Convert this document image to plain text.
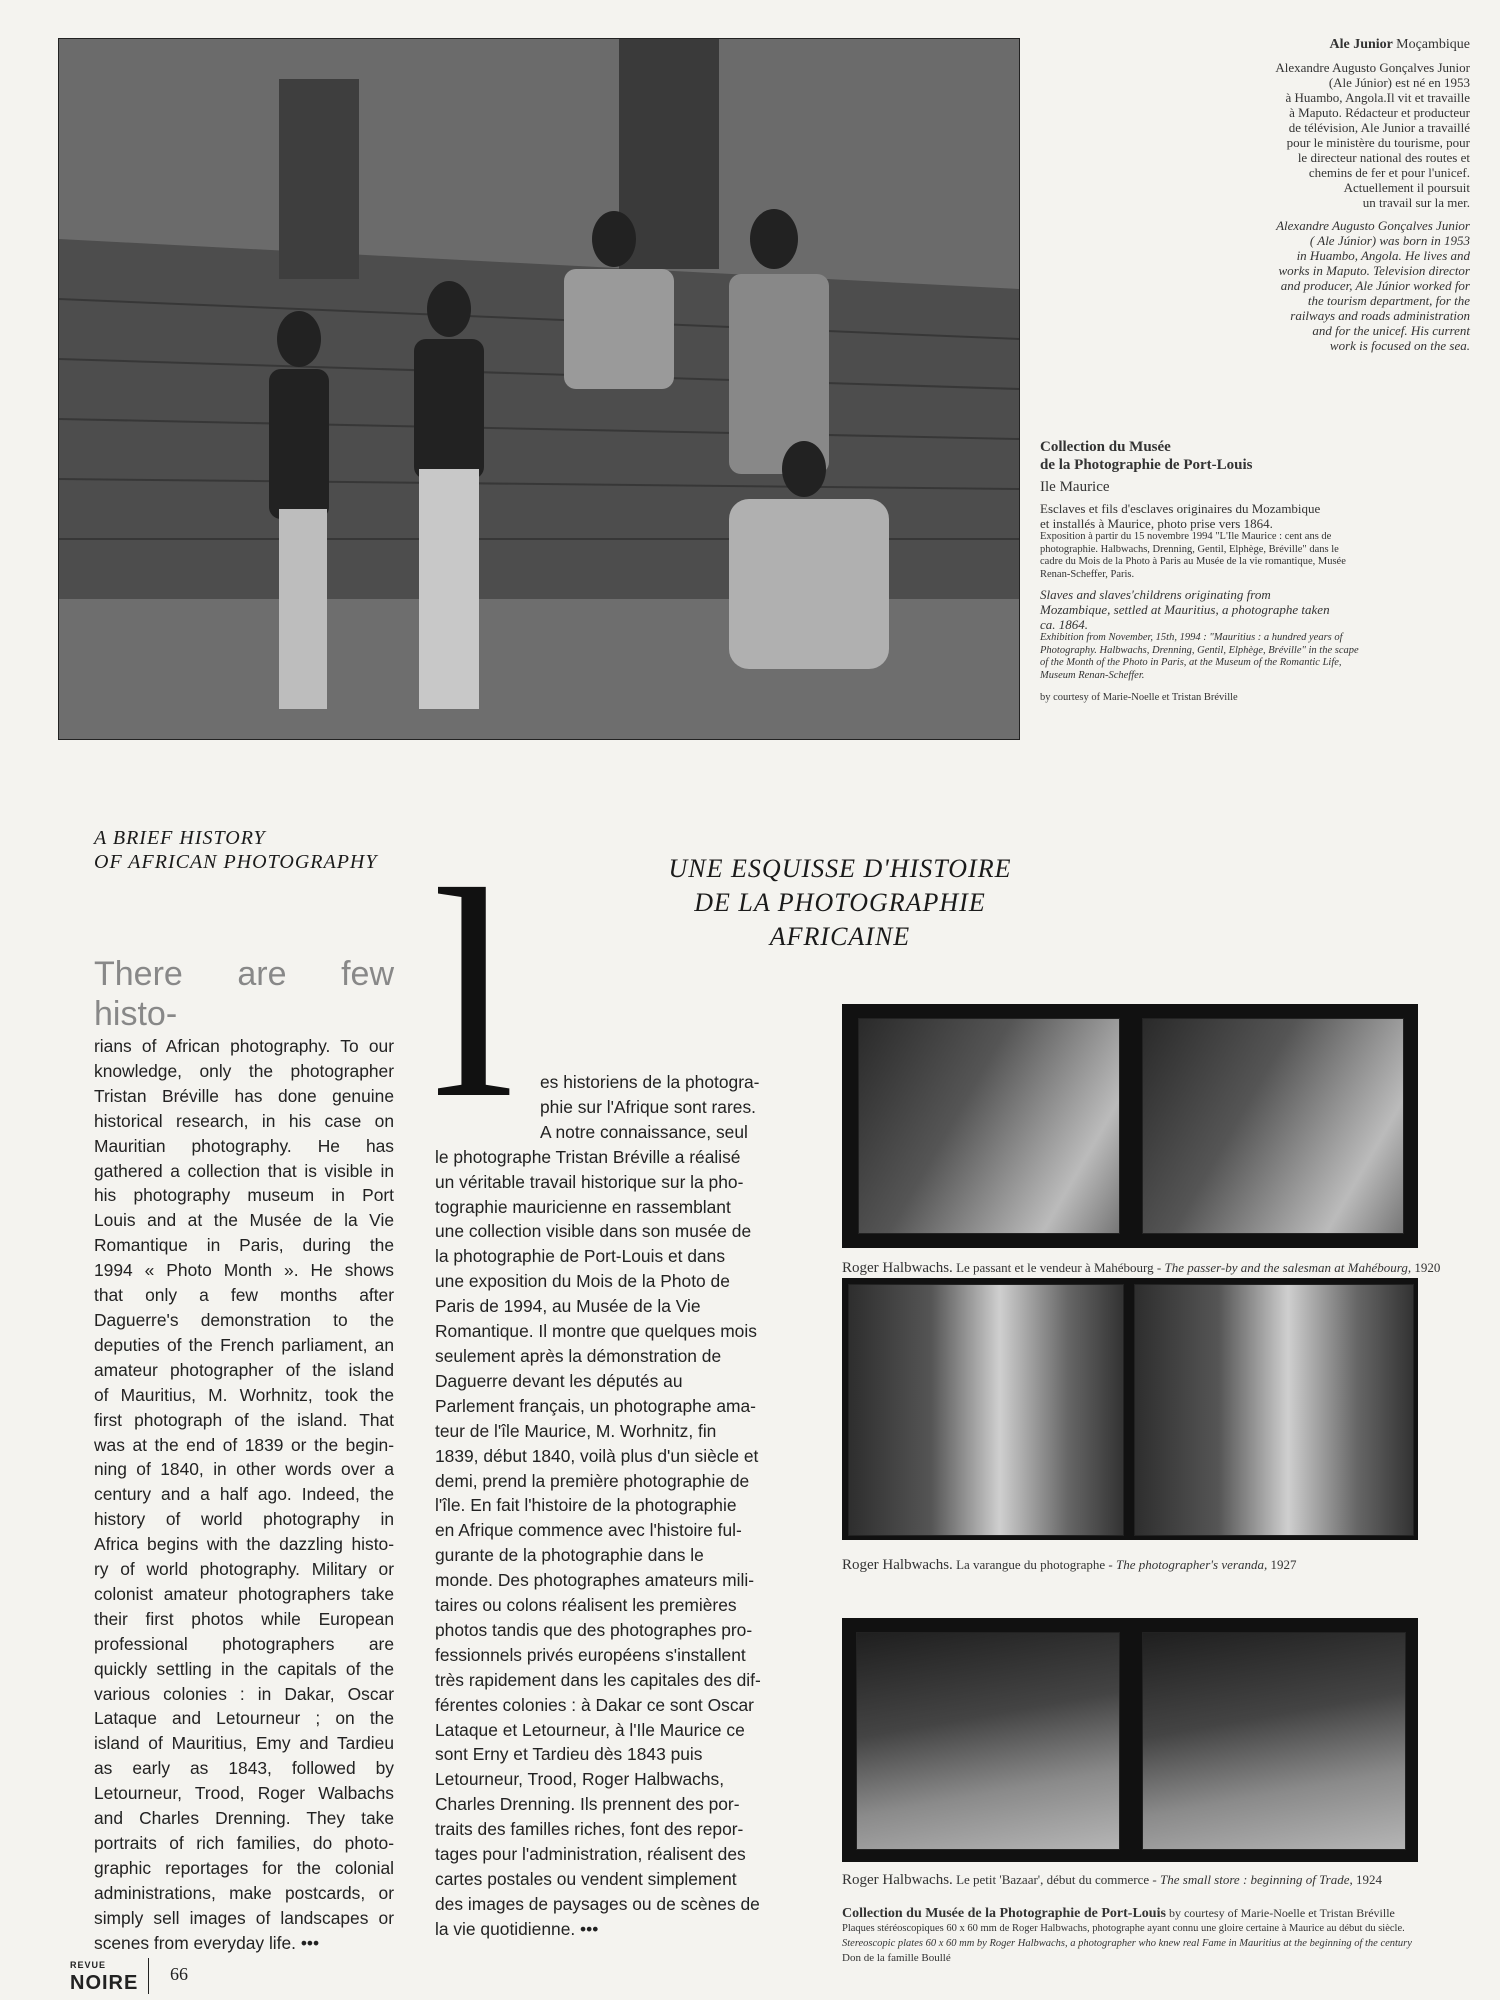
Ale Junior Moçambique
Alexandre Augusto Gonçalves Junior
(Ale Júnior) est né en 1953
à Huambo, Angola.Il vit et travaille
à Maputo. Rédacteur et producteur
de télévision, Ale Junior a travaillé
pour le ministère du tourisme, pour
le directeur national des routes et
chemins de fer et pour l'unicef.
Actuellement il poursuit
un travail sur la mer.
Alexandre Augusto Gonçalves Junior
( Ale Júnior) was born in 1953
in Huambo, Angola. He lives and
works in Maputo. Television director
and producer, Ale Júnior worked for
the tourism department, for the
railways and roads administration
and for the unicef. His current
work is focused on the sea.
Collection du Musée
de la Photographie de Port-Louis
Ile Maurice
Esclaves et fils d'esclaves originaires du Mozambique et installés à Maurice, photo prise vers 1864.
Exposition à partir du 15 novembre 1994 "L'Ile Maurice : cent ans de photographie. Halbwachs, Drenning, Gentil, Elphège, Bréville" dans le cadre du Mois de la Photo à Paris au Musée de la vie romantique, Musée Renan-Scheffer, Paris.
Slaves and slaves'childrens originating from Mozambique, settled at Mauritius, a photographe taken ca. 1864.
Exhibition from November, 15th, 1994 : "Mauritius : a hundred years of Photography. Halbwachs, Drenning, Gentil, Elphège, Bréville" in the scape of the Month of the Photo in Paris, at the Museum of the Romantic Life, Museum Renan-Scheffer.
by courtesy of Marie-Noelle et Tristan Bréville
A BRIEF HISTORY
OF AFRICAN PHOTOGRAPHY	UNE ESQUISSE D'HISTOIRE
DE LA PHOTOGRAPHIE AFRICAINE
There are few histo-
rians of African photography. To our
knowledge, only the photographer
Tristan Bréville has done genuine
historical research, in his case on
Mauritian photography. He has
gathered a collection that is visible in
his photography museum in Port
Louis and at the Musée de la Vie
Romantique in Paris, during the
1994 « Photo Month ». He shows
that only a few months after
Daguerre's demonstration to the
deputies of the French parliament, an
amateur photographer of the island
of Mauritius, M. Worhnitz, took the
first photograph of the island. That
was at the end of 1839 or the begin-
ning of 1840, in other words over a
century and a half ago. Indeed, the
history of world photography in
Africa begins with the dazzling histo-
ry of world photography. Military or
colonist amateur photographers take
their first photos while European
professional photographers are
quickly settling in the capitals of the
various colonies : in Dakar, Oscar
Lataque and Letourneur ; on the
island of Mauritius, Emy and Tardieu
as early as 1843, followed by
Letourneur, Trood, Roger Walbachs
and Charles Drenning. They take
portraits of rich families, do photo-
graphic reportages for the colonial
administrations, make postcards, or
simply sell images of landscapes or
scenes from everyday life. •••
l es historiens de la photogra-
phie sur l'Afrique sont rares.
A notre connaissance, seul
le photographe Tristan Bréville a réalisé
un véritable travail historique sur la pho-
tographie mauricienne en rassemblant
une collection visible dans son musée de
la photographie de Port-Louis et dans
une exposition du Mois de la Photo de
Paris de 1994, au Musée de la Vie
Romantique. Il montre que quelques mois
seulement après la démonstration de
Daguerre devant les députés au
Parlement français, un photographe ama-
teur de l'île Maurice, M. Worhnitz, fin
1839, début 1840, voilà plus d'un siècle et
demi, prend la première photographie de
l'île. En fait l'histoire de la photographie
en Afrique commence avec l'histoire ful-
gurante de la photographie dans le
monde. Des photographes amateurs mili-
taires ou colons réalisent les premières
photos tandis que des photographes pro-
fessionnels privés européens s'installent
très rapidement dans les capitales des dif-
férentes colonies : à Dakar ce sont Oscar
Lataque et Letourneur, à l'Ile Maurice ce
sont Erny et Tardieu dès 1843 puis
Letourneur, Trood, Roger Halbwachs,
Charles Drenning. Ils prennent des por-
traits des familles riches, font des repor-
tages pour l'administration, réalisent des
cartes postales ou vendent simplement
des images de paysages ou de scènes de
la vie quotidienne. •••
Roger Halbwachs. Le passant et le vendeur à Mahébourg - The passer-by and the salesman at Mahébourg, 1920
Roger Halbwachs. La varangue du photographe - The photographer's veranda, 1927
Roger Halbwachs. Le petit 'Bazaar', début du commerce - The small store : beginning of Trade, 1924
Collection du Musée de la Photographie de Port-Louis by courtesy of Marie-Noelle et Tristan Bréville
Plaques stéréoscopiques 60 x 60 mm de Roger Halbwachs, photographe ayant connu une gloire certaine à Maurice au début du siècle.
Stereoscopic plates 60 x 60 mm by Roger Halbwachs, a photographer who knew real Fame in Mauritius at the beginning of the century
Don de la famille Boullé
REVUE
NOIRE 66
